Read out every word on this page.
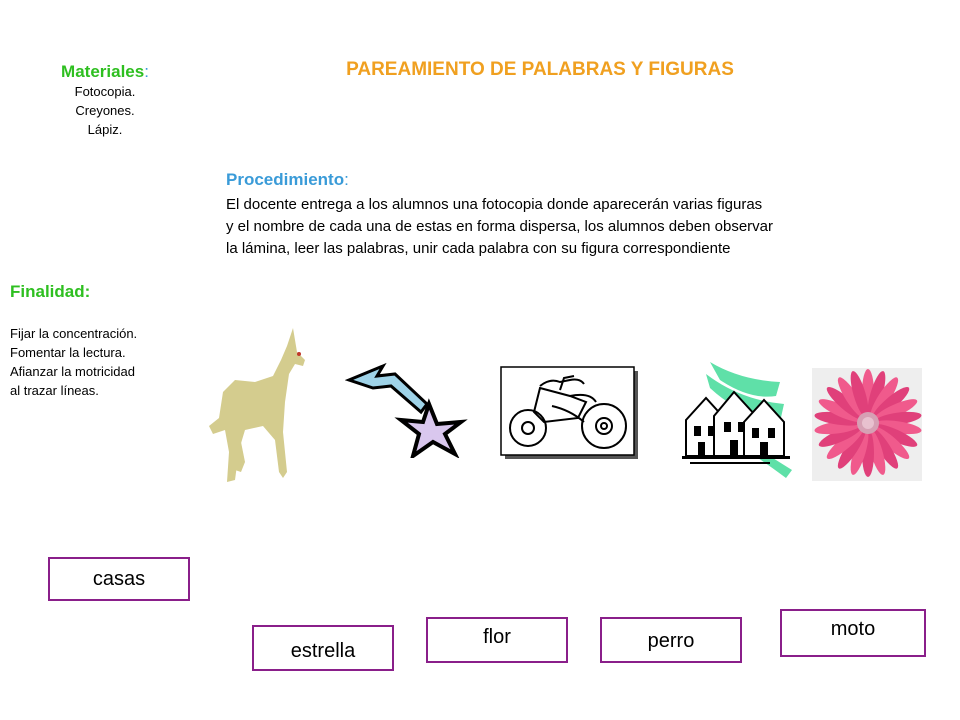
Materiales:
Fotocopia.
Creyones.
Lápiz.
PAREAMIENTO DE PALABRAS Y FIGURAS
Procedimiento:
El docente entrega a los alumnos una fotocopia donde aparecerán varias figuras
y el nombre de cada una de estas en forma dispersa, los alumnos deben observar
la lámina, leer las palabras, unir cada palabra con su figura correspondiente
Finalidad:
Fijar la concentración.
Fomentar la lectura.
Afianzar la motricidad
al trazar líneas.
casas
estrella
flor	perro
moto
